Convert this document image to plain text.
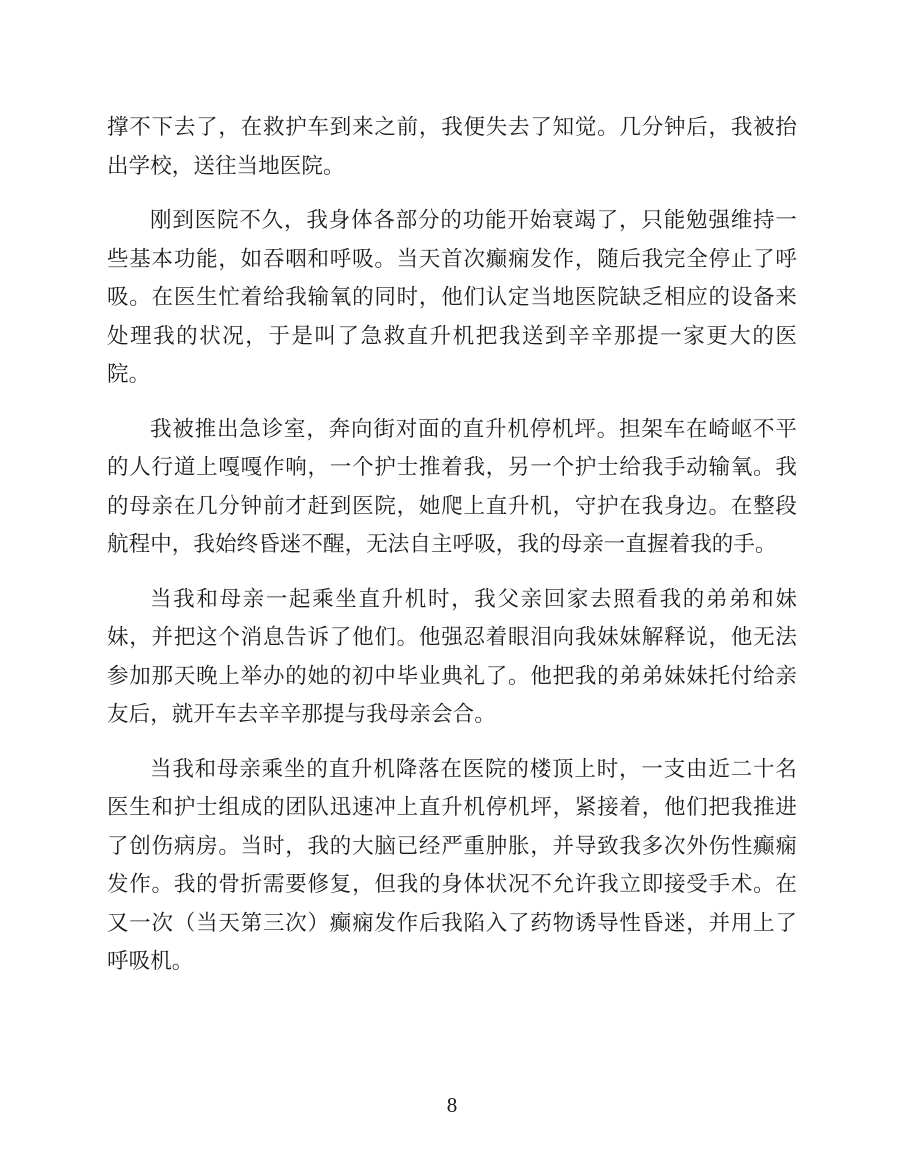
撑不下去了，在救护车到来之前，我便失去了知觉。几分钟后，我被抬出学校，送往当地医院。

刚到医院不久，我身体各部分的功能开始衰竭了，只能勉强维持一些基本功能，如吞咽和呼吸。当天首次癫痫发作，随后我完全停止了呼吸。在医生忙着给我输氧的同时，他们认定当地医院缺乏相应的设备来处理我的状况，于是叫了急救直升机把我送到辛辛那提一家更大的医院。

我被推出急诊室，奔向街对面的直升机停机坪。担架车在崎岖不平的人行道上嘎嘎作响，一个护士推着我，另一个护士给我手动输氧。我的母亲在几分钟前才赶到医院，她爬上直升机，守护在我身边。在整段航程中，我始终昏迷不醒，无法自主呼吸，我的母亲一直握着我的手。

当我和母亲一起乘坐直升机时，我父亲回家去照看我的弟弟和妹妹，并把这个消息告诉了他们。他强忍着眼泪向我妹妹解释说，他无法参加那天晚上举办的她的初中毕业典礼了。他把我的弟弟妹妹托付给亲友后，就开车去辛辛那提与我母亲会合。

当我和母亲乘坐的直升机降落在医院的楼顶上时，一支由近二十名医生和护士组成的团队迅速冲上直升机停机坪，紧接着，他们把我推进了创伤病房。当时，我的大脑已经严重肿胀，并导致我多次外伤性癫痫发作。我的骨折需要修复，但我的身体状况不允许我立即接受手术。在又一次（当天第三次）癫痫发作后我陷入了药物诱导性昏迷，并用上了呼吸机。

8
